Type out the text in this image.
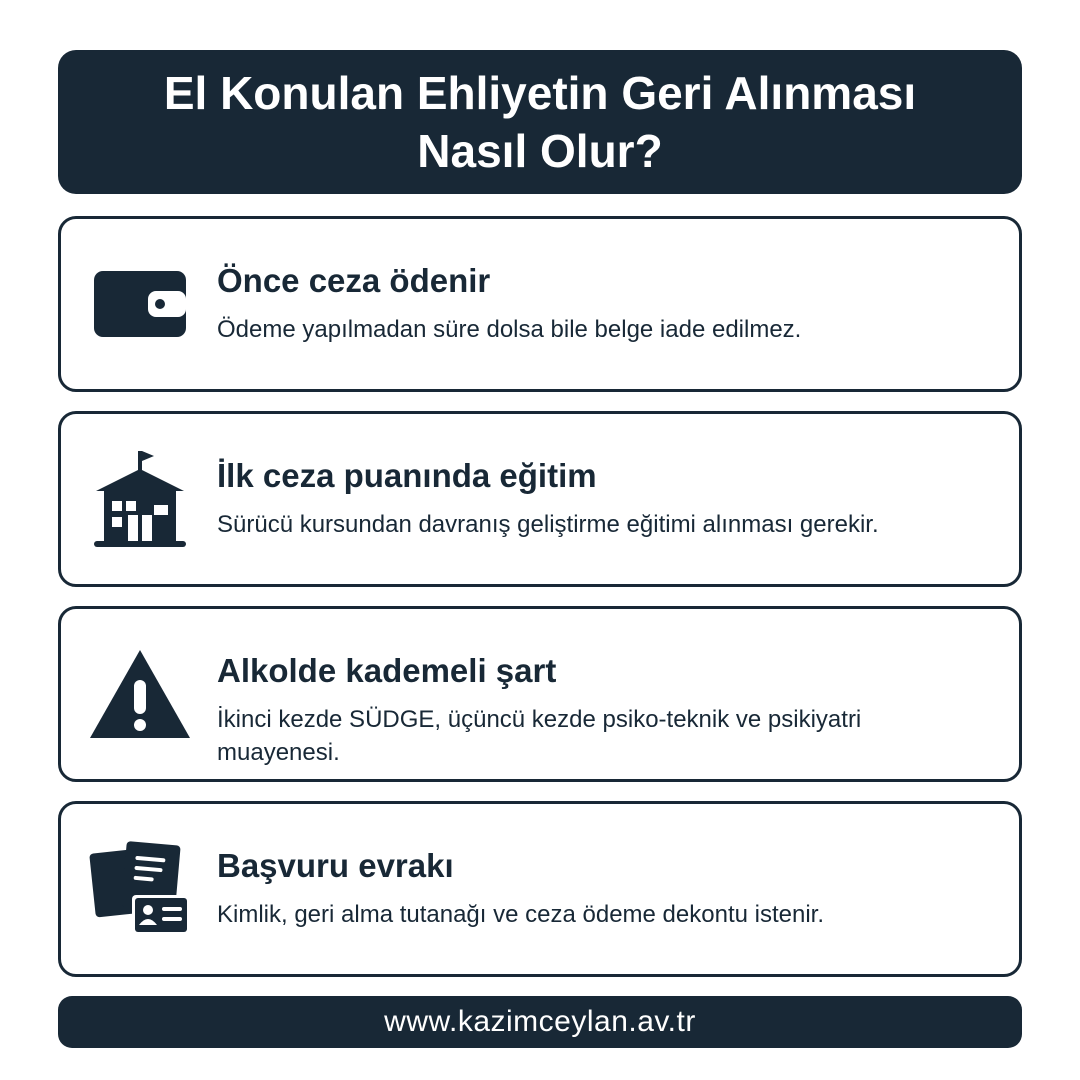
El Konulan Ehliyetin Geri Alınması Nasıl Olur?
Önce ceza ödenir

Ödeme yapılmadan süre dolsa bile belge iade edilmez.

İlk ceza puanında eğitim

Sürücü kursundan davranış geliştirme eğitimi alınması gerekir.

Alkolde kademeli şart

İkinci kezde SÜDGE, üçüncü kezde psiko-teknik ve psikiyatri muayenesi.

Başvuru evrakı

Kimlik, geri alma tutanağı ve ceza ödeme dekontu istenir.

www.kazimceylan.av.tr
